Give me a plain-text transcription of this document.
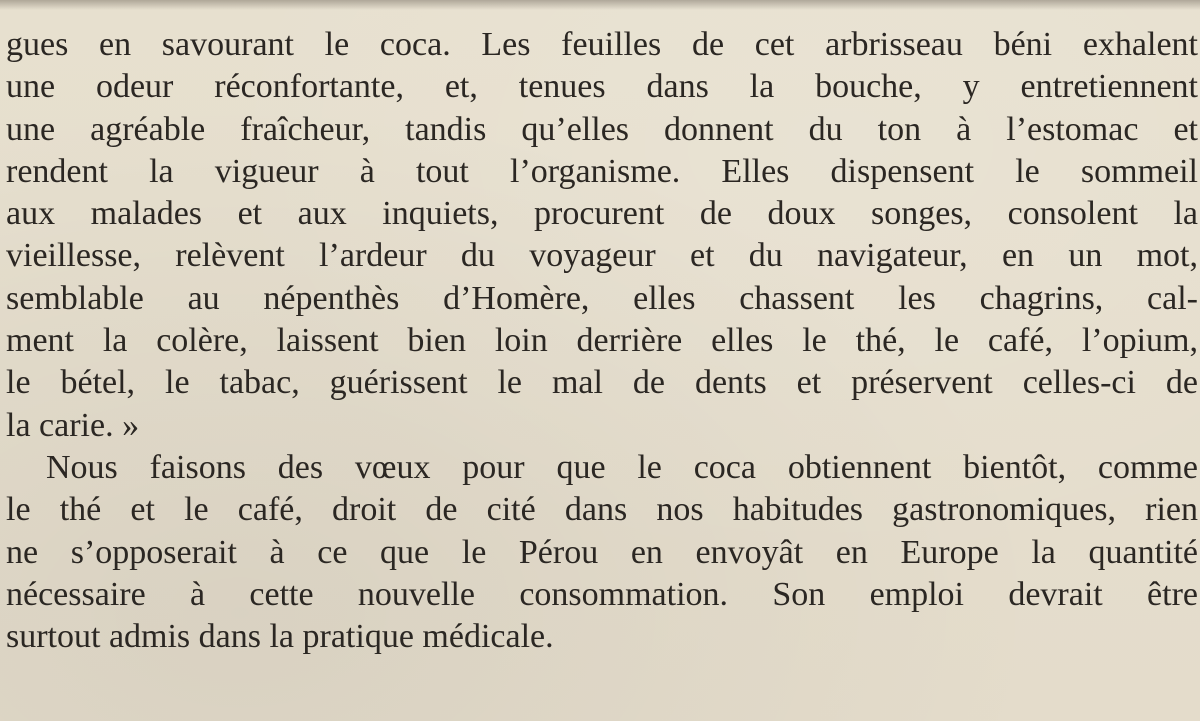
gues en savourant le coca. Les feuilles de cet arbrisseau béni exhalent
une odeur réconfortante, et, tenues dans la bouche, y entretiennent
une agréable fraîcheur, tandis qu’elles donnent du ton à l’estomac et
rendent la vigueur à tout l’organisme. Elles dispensent le sommeil
aux malades et aux inquiets, procurent de doux songes, consolent la
vieillesse, relèvent l’ardeur du voyageur et du navigateur, en un mot,
semblable au népenthès d’Homère, elles chassent les chagrins, cal-
ment la colère, laissent bien loin derrière elles le thé, le café, l’opium,
le bétel, le tabac, guérissent le mal de dents et préservent celles-ci de
la carie. »
Nous faisons des vœux pour que le coca obtiennent bientôt, comme
le thé et le café, droit de cité dans nos habitudes gastronomiques, rien
ne s’opposerait à ce que le Pérou en envoyât en Europe la quantité
nécessaire à cette nouvelle consommation. Son emploi devrait être
surtout admis dans la pratique médicale.
